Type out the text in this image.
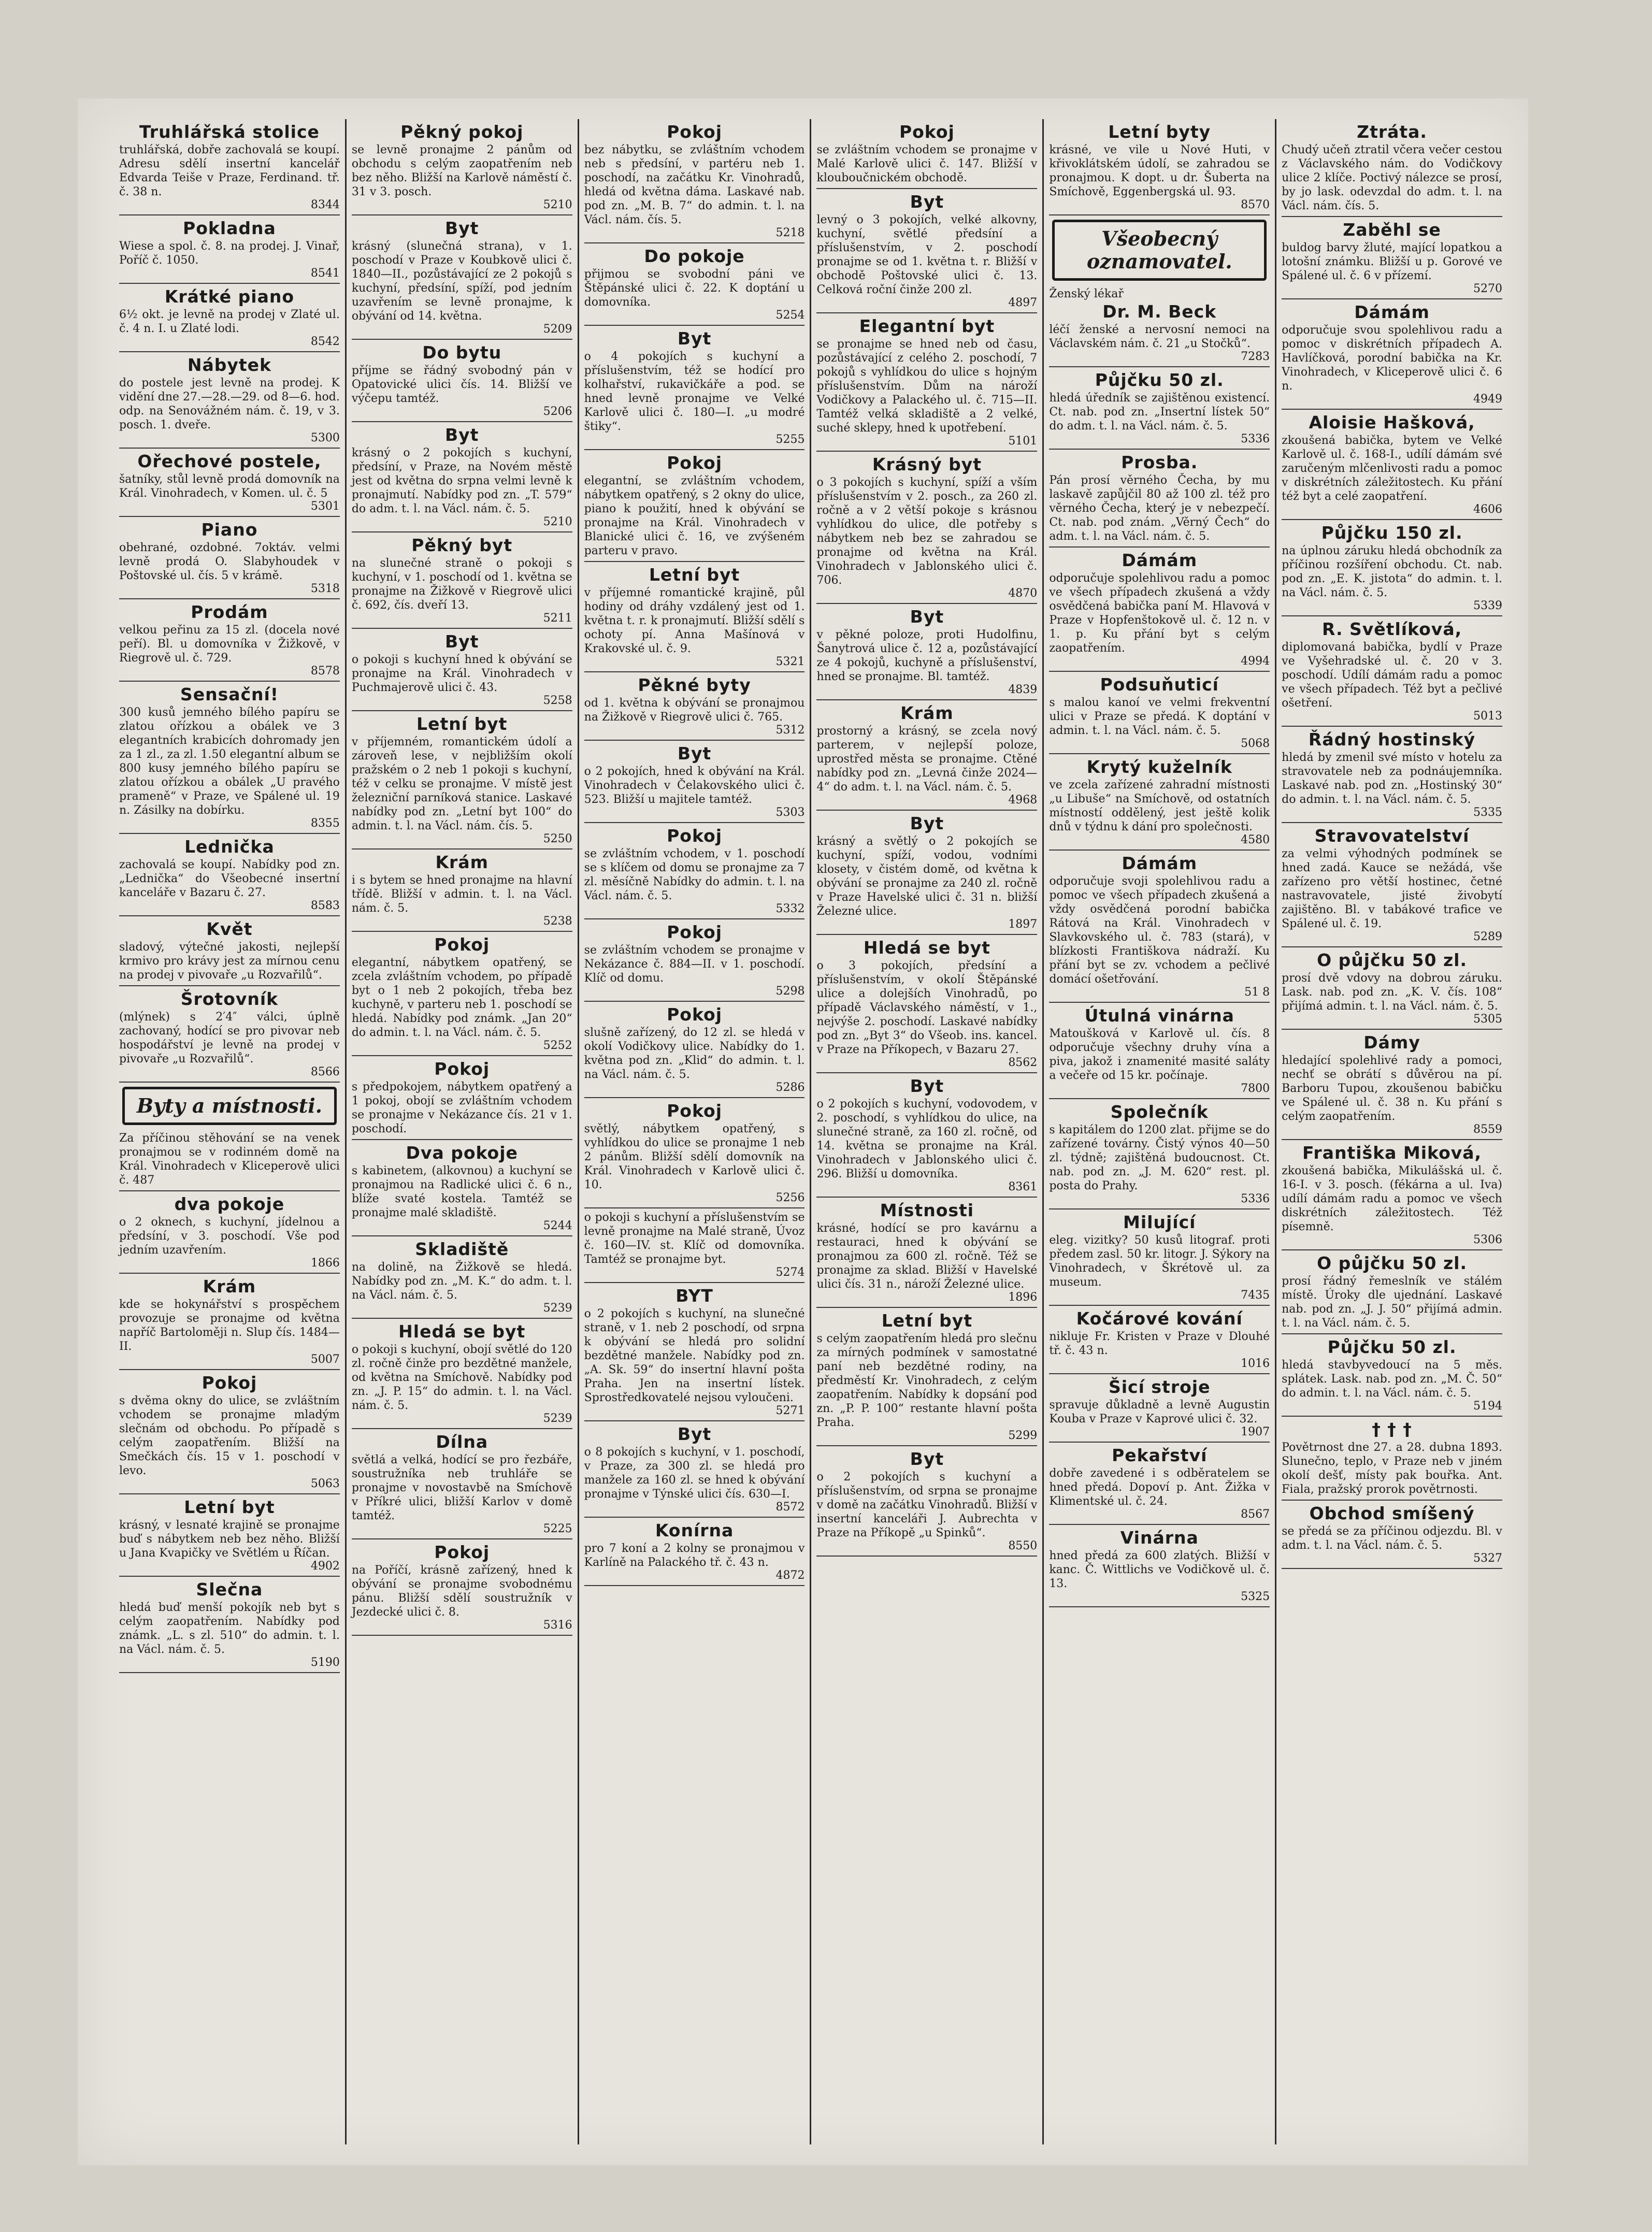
Truhlářská stolice

truhlářská, dobře zachovalá se koupí. Adresu sdělí insertní kancelář Edvarda Teiše v Praze, Ferdinand. tř. č. 38 n.

8344
Pokladna

Wiese a spol. č. 8. na prodej. J. Vinař, Poříč č. 1050.

8541
Krátké piano

6½ okt. je levně na prodej v Zlaté ul. č. 4 n. I. u Zlaté lodi.

8542
Nábytek

do postele jest levně na prodej. K vidění dne 27.—28.—29. od 8—6. hod. odp. na Senovážném nám. č. 19, v 3. posch. 1. dveře.

5300
Ořechové postele,

šatníky, stůl levně prodá domovník na Král. Vinohradech, v Komen. ul. č. 5

5301
Piano

obehrané, ozdobné. 7oktáv. velmi levně prodá O. Slabyhoudek v Poštovské ul. čís. 5 v krámě.

5318
Prodám

velkou peřinu za 15 zl. (docela nové peří). Bl. u domovníka v Žižkově, v Riegrově ul. č. 729.

8578
Sensační!

300 kusů jemného bílého papíru se zlatou ořízkou a obálek ve 3 elegantních krabicích dohromady jen za 1 zl., za zl. 1.50 elegantní album se 800 kusy jemného bílého papíru se zlatou ořízkou a obálek „U pravého prameně“ v Praze, ve Spálené ul. 19 n. Zásilky na dobírku.

8355
Lednička

zachovalá se koupí. Nabídky pod zn. „Lednička“ do Všeobecné insertní kanceláře v Bazaru č. 27.

8583
Květ

sladový, výtečné jakosti, nejlepší krmivo pro krávy jest za mírnou cenu na prodej v pivovaře „u Rozvařilů“.

Šrotovník

(mlýnek) s 2′4″ válci, úplně zachovaný, hodící se pro pivovar neb hospodářství je levně na prodej v pivovaře „u Rozvařilů“.

8566
Byty a místnosti.

Za příčinou stěhování se na venek pronajmou se v rodinném domě na Král. Vinohradech v Kliceperově ulici č. 487

dva pokoje

o 2 oknech, s kuchyní, jídelnou a předsíní, v 3. poschodí. Vše pod jedním uzavřením.

1866
Krám

kde se hokynářství s prospěchem provozuje se pronajme od května napříč Bartoloměji n. Slup čís. 1484—II.

5007
Pokoj

s dvěma okny do ulice, se zvláštním vchodem se pronajme mladým slečnám od obchodu. Po případě s celým zaopatřením. Bližší na Smečkách čís. 15 v 1. poschodí v levo.

5063
Letní byt

krásný, v lesnaté krajině se pronajme buď s nábytkem neb bez něho. Bližší u Jana Kvapičky ve Světlém u Říčan.

4902
Slečna

hledá buď menší pokojík neb byt s celým zaopatřením. Nabídky pod známk. „L. s zl. 510“ do admin. t. l. na Václ. nám. č. 5.

5190
Pěkný pokoj

se levně pronajme 2 pánům od obchodu s celým zaopatřením neb bez něho. Bližší na Karlově náměstí č. 31 v 3. posch.

5210
Byt

krásný (slunečná strana), v 1. poschodí v Praze v Koubkově ulici č. 1840—II., pozůstávající ze 2 pokojů s kuchyní, předsíní, spíží, pod jedním uzavřením se levně pronajme, k obývání od 14. května.

5209
Do bytu

příjme se řádný svobodný pán v Opatovické ulici čís. 14. Bližší ve výčepu tamtéž.

5206
Byt

krásný o 2 pokojích s kuchyní, předsíní, v Praze, na Novém městě jest od května do srpna velmi levně k pronajmutí. Nabídky pod zn. „T. 579“ do adm. t. l. na Václ. nám. č. 5.

5210
Pěkný byt

na slunečné straně o pokoji s kuchyní, v 1. poschodí od 1. května se pronajme na Žižkově v Riegrově ulici č. 692, čís. dveří 13.

5211
Byt

o pokoji s kuchyní hned k obývání se pronajme na Král. Vinohradech v Puchmajerově ulici č. 43.

5258
Letní byt

v příjemném, romantickém údolí a zároveň lese, v nejbližším okolí pražském o 2 neb 1 pokoji s kuchyní, též v celku se pronajme. V místě jest železniční parníková stanice. Laskavé nabídky pod zn. „Letní byt 100“ do admin. t. l. na Václ. nám. čís. 5.

5250
Krám

i s bytem se hned pronajme na hlavní třídě. Bližší v admin. t. l. na Václ. nám. č. 5.

5238
Pokoj

elegantní, nábytkem opatřený, se zcela zvláštním vchodem, po případě byt o 1 neb 2 pokojích, třeba bez kuchyně, v parteru neb 1. poschodí se hledá. Nabídky pod známk. „Jan 20“ do admin. t. l. na Václ. nám. č. 5.

5252
Pokoj

s předpokojem, nábytkem opatřený a 1 pokoj, obojí se zvláštním vchodem se pronajme v Nekázance čís. 21 v 1. poschodí.

Dva pokoje

s kabinetem, (alkovnou) a kuchyní se pronajmou na Radlické ulici č. 6 n., blíže svaté kostela. Tamtéž se pronajme malé skladiště.

5244
Skladiště

na dolině, na Žižkově se hledá. Nabídky pod zn. „M. K.“ do adm. t. l. na Václ. nám. č. 5.

5239
Hledá se byt

o pokoji s kuchyní, obojí světlé do 120 zl. ročně činže pro bezdětné manžele, od května na Smíchově. Nabídky pod zn. „J. P. 15“ do admin. t. l. na Václ. nám. č. 5.

5239
Dílna

světlá a velká, hodící se pro řezbáře, soustružníka neb truhláře se pronajme v novostavbě na Smíchově v Příkré ulici, bližší Karlov v domě tamtéž.

5225
Pokoj

na Poříčí, krásně zařízený, hned k obývání se pronajme svobodnému pánu. Bližší sdělí soustružník v Jezdecké ulici č. 8.

5316
Pokoj

bez nábytku, se zvláštním vchodem neb s předsíní, v partéru neb 1. poschodí, na začátku Kr. Vinohradů, hledá od května dáma. Laskavé nab. pod zn. „M. B. 7“ do admin. t. l. na Václ. nám. čís. 5.

5218
Do pokoje

přijmou se svobodní páni ve Štěpánské ulici č. 22. K doptání u domovníka.

5254
Byt

o 4 pokojích s kuchyní a příslušenstvím, též se hodící pro kolhařství, rukavičkáře a pod. se hned levně pronajme ve Velké Karlově ulici č. 180—I. „u modré štiky“.

5255
Pokoj

elegantní, se zvláštním vchodem, nábytkem opatřený, s 2 okny do ulice, piano k použití, hned k obývání se pronajme na Král. Vinohradech v Blanické ulici č. 16, ve zvýšeném parteru v pravo.

Letní byt

v příjemné romantické krajině, půl hodiny od dráhy vzdálený jest od 1. května t. r. k pronajmutí. Bližší sdělí s ochoty pí. Anna Mašínová v Krakovské ul. č. 9.

5321
Pěkné byty

od 1. května k obývání se pronajmou na Žižkově v Riegrově ulici č. 765.

5312
Byt

o 2 pokojích, hned k obývání na Král. Vinohradech v Čelakovského ulici č. 523. Bližší u majitele tamtéž.

5303
Pokoj

se zvláštním vchodem, v 1. poschodí se s klíčem od domu se pronajme za 7 zl. měsíčně Nabídky do admin. t. l. na Václ. nám. č. 5.

5332
Pokoj

se zvláštním vchodem se pronajme v Nekázance č. 884—II. v 1. poschodí. Klíč od domu.

5298
Pokoj

slušně zařízený, do 12 zl. se hledá v okolí Vodičkovy ulice. Nabídky do 1. května pod zn. „Klid“ do admin. t. l. na Václ. nám. č. 5.

5286
Pokoj

světlý, nábytkem opatřený, s vyhlídkou do ulice se pronajme 1 neb 2 pánům. Bližší sdělí domovník na Král. Vinohradech v Karlově ulici č. 10.

5256

o pokoji s kuchyní a příslušenstvím se levně pronajme na Malé straně, Úvoz č. 160—IV. st. Klíč od domovníka. Tamtéž se pronajme byt.

5274
BYT

o 2 pokojích s kuchyní, na slunečné straně, v 1. neb 2 poschodí, od srpna k obývání se hledá pro solidní bezdětné manžele. Nabídky pod zn. „A. Sk. 59“ do insertní hlavní pošta Praha. Jen na insertní lístek. Sprostředkovatelé nejsou vyloučeni.

5271
Byt

o 8 pokojích s kuchyní, v 1. poschodí, v Praze, za 300 zl. se hledá pro manžele za 160 zl. se hned k obývání pronajme v Týnské ulici čís. 630—I.

8572
Konírna

pro 7 koní a 2 kolny se pronajmou v Karlíně na Palackého tř. č. 43 n.

4872
Pokoj

se zvláštním vchodem se pronajme v Malé Karlově ulici č. 147. Bližší v klouboučnickém obchodě.

Byt

levný o 3 pokojích, velké alkovny, kuchyní, světlé předsíní a příslušenstvím, v 2. poschodí pronajme se od 1. května t. r. Bližší v obchodě Poštovské ulici č. 13. Celková roční činže 200 zl.

4897
Elegantní byt

se pronajme se hned neb od času, pozůstávající z celého 2. poschodí, 7 pokojů s vyhlídkou do ulice s hojným příslušenstvím. Dům na nároží Vodičkovy a Palackého ul. č. 715—II. Tamtéž velká skladiště a 2 velké, suché sklepy, hned k upotřebení.

5101
Krásný byt

o 3 pokojích s kuchyní, spíží a vším příslušenstvím v 2. posch., za 260 zl. ročně a v 2 větší pokoje s krásnou vyhlídkou do ulice, dle potřeby s nábytkem neb bez se zahradou se pronajme od května na Král. Vinohradech v Jablonského ulici č. 706.

4870
Byt

v pěkné poloze, proti Hudolfinu, Šanytrová ulice č. 12 a, pozůstávající ze 4 pokojů, kuchyně a příslušenství, hned se pronajme. Bl. tamtéž.

4839
Krám

prostorný a krásný, se zcela nový parterem, v nejlepší poloze, uprostřed města se pronajme. Ctěné nabídky pod zn. „Levná činže 2024—4“ do adm. t. l. na Václ. nám. č. 5.

4968
Byt

krásný a světlý o 2 pokojích se kuchyní, spíží, vodou, vodními klosety, v čistém domě, od května k obývání se pronajme za 240 zl. ročně v Praze Havelské ulici č. 31 n. bližší Železné ulice.

1897
Hledá se byt

o 3 pokojích, předsíní a příslušenstvím, v okolí Štěpánské ulice a dolejších Vinohradů, po případě Václavského náměstí, v 1., nejvýše 2. poschodí. Laskavé nabídky pod zn. „Byt 3“ do Všeob. ins. kancel. v Praze na Příkopech, v Bazaru 27.

8562
Byt

o 2 pokojích s kuchyní, vodovodem, v 2. poschodí, s vyhlídkou do ulice, na slunečné straně, za 160 zl. ročně, od 14. května se pronajme na Král. Vinohradech v Jablonského ulici č. 296. Bližší u domovníka.

8361
Místnosti

krásné, hodící se pro kavárnu a restauraci, hned k obývání se pronajmou za 600 zl. ročně. Též se pronajme za sklad. Bližší v Havelské ulici čís. 31 n., nároží Železné ulice.

1896
Letní byt

s celým zaopatřením hledá pro slečnu za mírných podmínek v samostatné paní neb bezdětné rodiny, na předměstí Kr. Vinohradech, z celým zaopatřením. Nabídky k dopsání pod zn. „P. P. 100“ restante hlavní pošta Praha.

5299
Byt

o 2 pokojích s kuchyní a příslušenstvím, od srpna se pronajme v domě na začátku Vinohradů. Bližší v insertní kanceláři J. Aubrechta v Praze na Příkopě „u Spinků“.

8550
Letní byty

krásné, ve vile u Nové Huti, v křivoklátském údolí, se zahradou se pronajmou. K dopt. u dr. Šuberta na Smíchově, Eggenbergská ul. 93.

8570
Všeobecný oznamovatel.

Ženský lékař

Dr. M. Beck

léčí ženské a nervosní nemoci na Václavském nám. č. 21 „u Stočků“.

7283
Půjčku 50 zl.

hledá úředník se zajištěnou existencí. Ct. nab. pod zn. „Insertní lístek 50“ do adm. t. l. na Václ. nám. č. 5.

5336
Prosba.

Pán prosí věrného Čecha, by mu laskavě zapůjčil 80 až 100 zl. též pro věrného Čecha, který je v nebezpečí. Ct. nab. pod znám. „Věrný Čech“ do adm. t. l. na Václ. nám. č. 5.

Dámám

odporučuje spolehlivou radu a pomoc ve všech případech zkušená a vždy osvědčená babička paní M. Hlavová v Praze v Hopfenštokově ul. č. 12 n. v 1. p. Ku přání byt s celým zaopatřením.

4994
Podsuňuticí

s malou kanoí ve velmi frekventní ulici v Praze se předá. K doptání v admin. t. l. na Václ. nám. č. 5.

5068
Krytý kuželník

ve zcela zařízené zahradní místnosti „u Libuše“ na Smíchově, od ostatních místností oddělený, jest ještě kolik dnů v týdnu k dání pro společnosti.

4580
Dámám

odporučuje svoji spolehlivou radu a pomoc ve všech případech zkušená a vždy osvědčená porodní babička Rátová na Král. Vinohradech v Slavkovského ul. č. 783 (stará), v blízkosti Františkova nádraží. Ku přání byt se zv. vchodem a pečlivé domácí ošetřování.

51 8
Útulná vinárna

Matoušková v Karlově ul. čís. 8 odporučuje všechny druhy vína a piva, jakož i znamenité masité saláty a večeře od 15 kr. počínaje.

7800
Společník

s kapitálem do 1200 zlat. přijme se do zařízené továrny. Čistý výnos 40—50 zl. týdně; zajištěná budoucnost. Ct. nab. pod zn. „J. M. 620“ rest. pl. posta do Prahy.

5336
Milující

eleg. vizitky? 50 kusů litograf. proti předem zasl. 50 kr. litogr. J. Sýkory na Vinohradech, v Škrétově ul. za museum.

7435
Kočárové kování

nikluje Fr. Kristen v Praze v Dlouhé tř. č. 43 n.

1016
Šicí stroje

spravuje důkladně a levně Augustin Kouba v Praze v Kaprové ulici č. 32.

1907
Pekařství

dobře zavedené i s odběratelem se hned předá. Dopoví p. Ant. Žižka v Klimentské ul. č. 24.

8567
Vinárna

hned předá za 600 zlatých. Bližší v kanc. Č. Wittlichs ve Vodičkově ul. č. 13.

5325
Ztráta.

Chudý učeň ztratil včera večer cestou z Václavského nám. do Vodičkovy ulice 2 klíče. Poctivý nálezce se prosí, by jo lask. odevzdal do adm. t. l. na Václ. nám. čís. 5.

Zaběhl se

buldog barvy žluté, mající lopatkou a lotošní známku. Bližší u p. Gorové ve Spálené ul. č. 6 v přízemí.

5270
Dámám

odporučuje svou spolehlivou radu a pomoc v diskrétních případech A. Havlíčková, porodní babička na Kr. Vinohradech, v Kliceperově ulici č. 6 n.

4949
Aloisie Hašková,

zkoušená babička, bytem ve Velké Karlově ul. č. 168-I., udílí dámám své zaručeným mlčenlivosti radu a pomoc v diskrétních záležitostech. Ku přání též byt a celé zaopatření.

4606
Půjčku 150 zl.

na úplnou záruku hledá obchodník za příčinou rozšíření obchodu. Ct. nab. pod zn. „E. K. jistota“ do admin. t. l. na Václ. nám. č. 5.

5339
R. Světlíková,

diplomovaná babička, bydlí v Praze ve Vyšehradské ul. č. 20 v 3. poschodí. Udílí dámám radu a pomoc ve všech případech. Též byt a pečlivé ošetření.

5013
Řádný hostinský

hledá by zmenil své místo v hotelu za stravovatele neb za podnáujemníka. Laskavé nab. pod zn. „Hostinský 30“ do admin. t. l. na Václ. nám. č. 5.

5335
Stravovatelství

za velmi výhodných podmínek se hned zadá. Kauce se nežádá, vše zařízeno pro větší hostinec, četné nastravovatele, jisté živobytí zajištěno. Bl. v tabákové trafice ve Spálené ul. č. 19.

5289
O půjčku 50 zl.

prosí dvě vdovy na dobrou záruku. Lask. nab. pod zn. „K. V. čís. 108“ přijímá admin. t. l. na Václ. nám. č. 5.

5305
Dámy

hledající spolehlivé rady a pomoci, nechť se obrátí s důvěrou na pí. Barboru Tupou, zkoušenou babičku ve Spálené ul. č. 38 n. Ku přání s celým zaopatřením.

8559
Františka Miková,

zkoušená babička, Mikulášská ul. č. 16-I. v 3. posch. (fékárna a ul. Iva) udílí dámám radu a pomoc ve všech diskrétních záležitostech. Též písemně.

5306
O půjčku 50 zl.

prosí řádný řemeslník ve stálém místě. Úroky dle ujednání. Laskavé nab. pod zn. „J. J. 50“ přijímá admin. t. l. na Václ. nám. č. 5.

Půjčku 50 zl.

hledá stavbyvedoucí na 5 měs. splátek. Lask. nab. pod zn. „M. Č. 50“ do admin. t. l. na Václ. nám. č. 5.

5194
† † †

Povětrnost dne 27. a 28. dubna 1893. Slunečno, teplo, v Praze neb v jiném okolí dešť, místy pak bouřka. Ant. Fiala, pražský prorok povětrnosti.

Obchod smíšený

se předá se za příčinou odjezdu. Bl. v adm. t. l. na Václ. nám. č. 5.

5327
